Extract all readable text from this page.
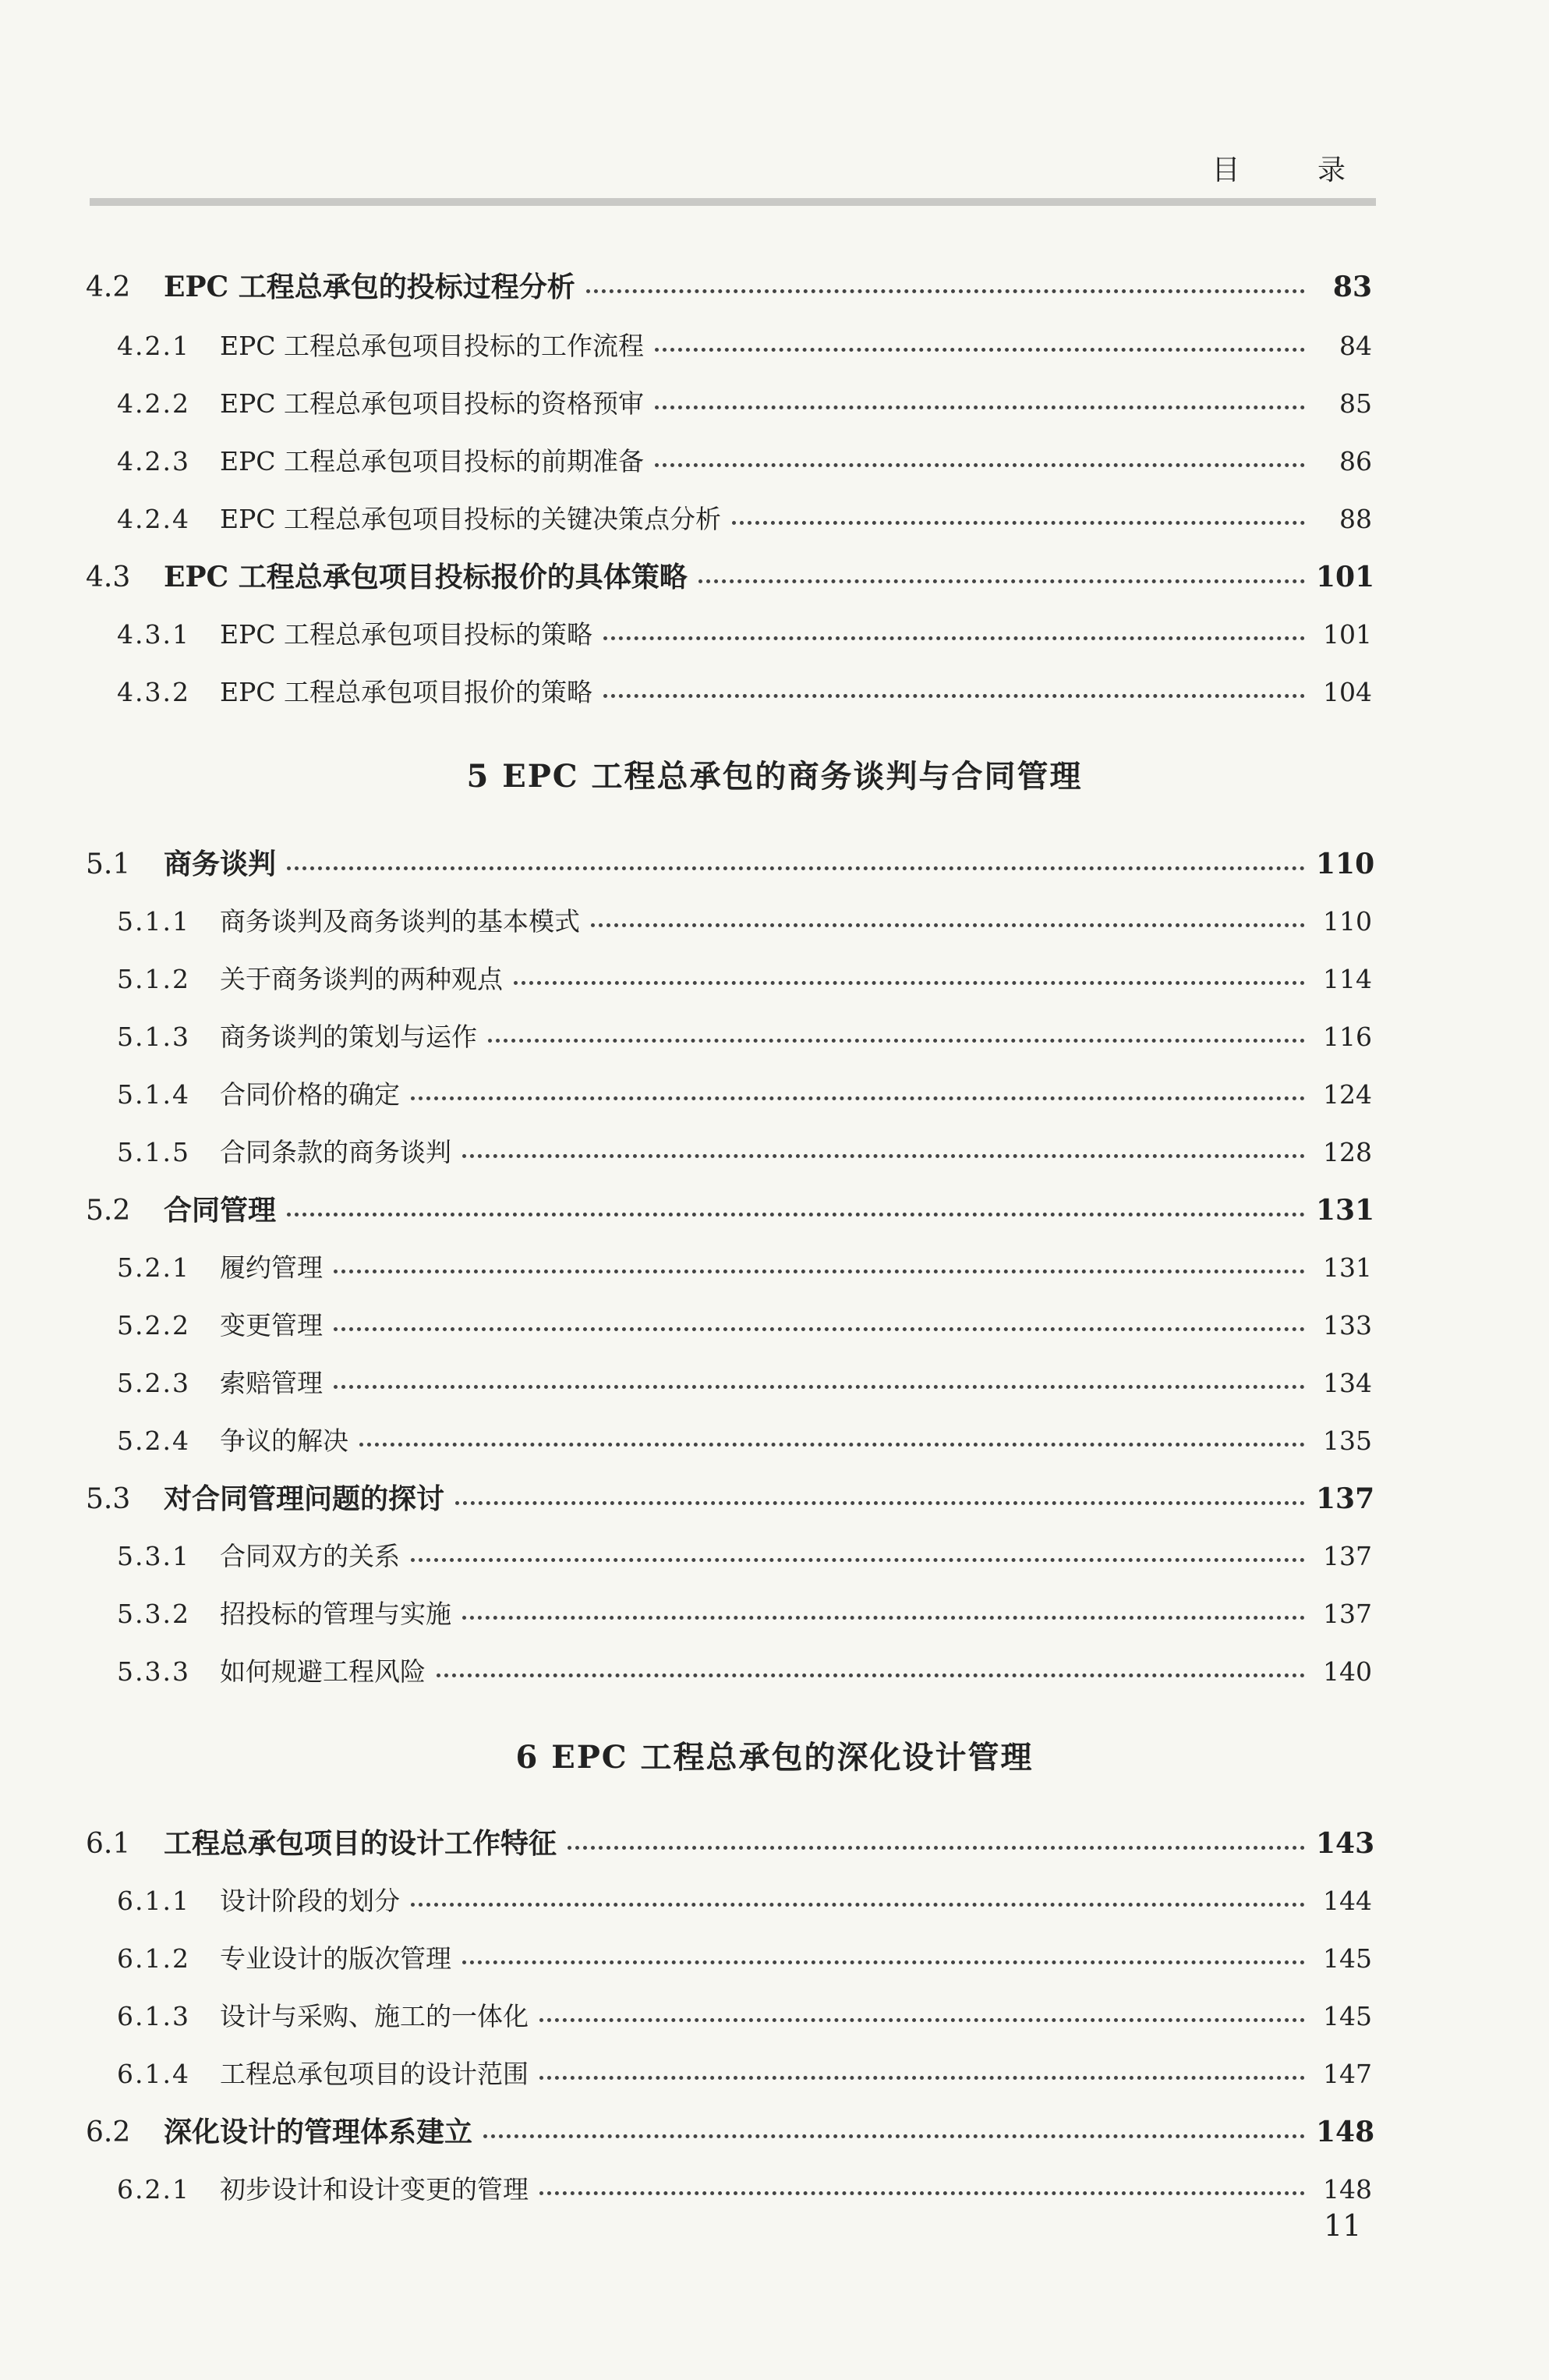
目 录
4.2	EPC 工程总承包的投标过程分析	83
4.2.1	EPC 工程总承包项目投标的工作流程	84
4.2.2	EPC 工程总承包项目投标的资格预审	85
4.2.3	EPC 工程总承包项目投标的前期准备	86
4.2.4	EPC 工程总承包项目投标的关键决策点分析	88
4.3	EPC 工程总承包项目投标报价的具体策略	101
4.3.1	EPC 工程总承包项目投标的策略	101
4.3.2	EPC 工程总承包项目报价的策略	104
5 EPC 工程总承包的商务谈判与合同管理
5.1	商务谈判	110
5.1.1	商务谈判及商务谈判的基本模式	110
5.1.2	关于商务谈判的两种观点	114
5.1.3	商务谈判的策划与运作	116
5.1.4	合同价格的确定	124
5.1.5	合同条款的商务谈判	128
5.2	合同管理	131
5.2.1	履约管理	131
5.2.2	变更管理	133
5.2.3	索赔管理	134
5.2.4	争议的解决	135
5.3	对合同管理问题的探讨	137
5.3.1	合同双方的关系	137
5.3.2	招投标的管理与实施	137
5.3.3	如何规避工程风险	140
6 EPC 工程总承包的深化设计管理
6.1	工程总承包项目的设计工作特征	143
6.1.1	设计阶段的划分	144
6.1.2	专业设计的版次管理	145
6.1.3	设计与采购、施工的一体化	145
6.1.4	工程总承包项目的设计范围	147
6.2	深化设计的管理体系建立	148
6.2.1	初步设计和设计变更的管理	148
11
